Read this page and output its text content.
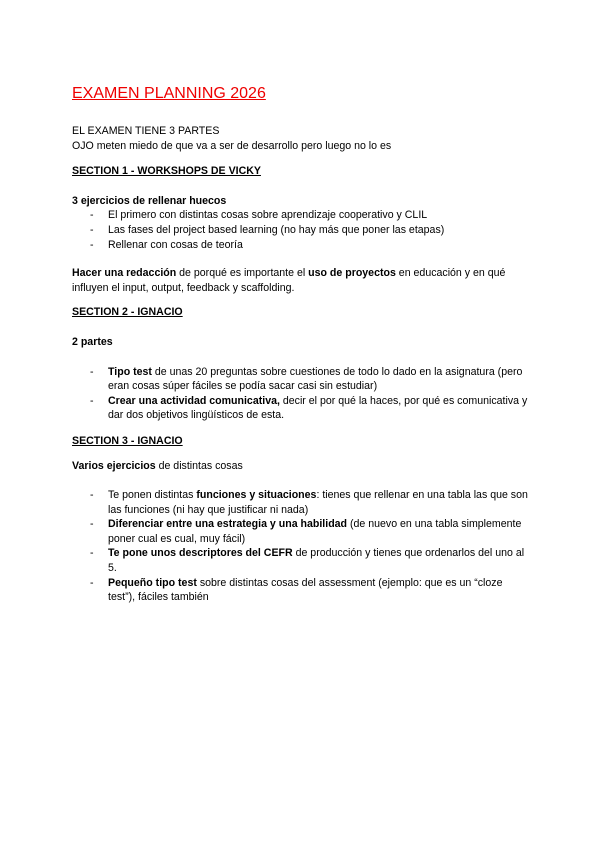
EXAMEN PLANNING 2026

EL EXAMEN TIENE 3 PARTES

OJO meten miedo de que va a ser de desarrollo pero luego no lo es

SECTION 1 - WORKSHOPS DE VICKY

3 ejercicios de rellenar huecos

- El primero con distintas cosas sobre aprendizaje cooperativo y CLIL
- Las fases del project based learning (no hay más que poner las etapas)
- Rellenar con cosas de teoría

Hacer una redacción de porqué es importante el uso de proyectos en educación y en qué influyen el input, output, feedback y scaffolding.

SECTION 2 - IGNACIO

2 partes

- Tipo test de unas 20 preguntas sobre cuestiones de todo lo dado en la asignatura (pero eran cosas súper fáciles se podía sacar casi sin estudiar)
- Crear una actividad comunicativa, decir el por qué la haces, por qué es comunicativa y dar dos objetivos lingüísticos de esta.

SECTION 3 - IGNACIO

Varios ejercicios de distintas cosas

- Te ponen distintas funciones y situaciones: tienes que rellenar en una tabla las que son las funciones (ni hay que justificar ni nada)
- Diferenciar entre una estrategia y una habilidad (de nuevo en una tabla simplemente poner cual es cual, muy fácil)
- Te pone unos descriptores del CEFR de producción y tienes que ordenarlos del uno al 5.
- Pequeño tipo test sobre distintas cosas del assessment (ejemplo: que es un “cloze test”), fáciles también
